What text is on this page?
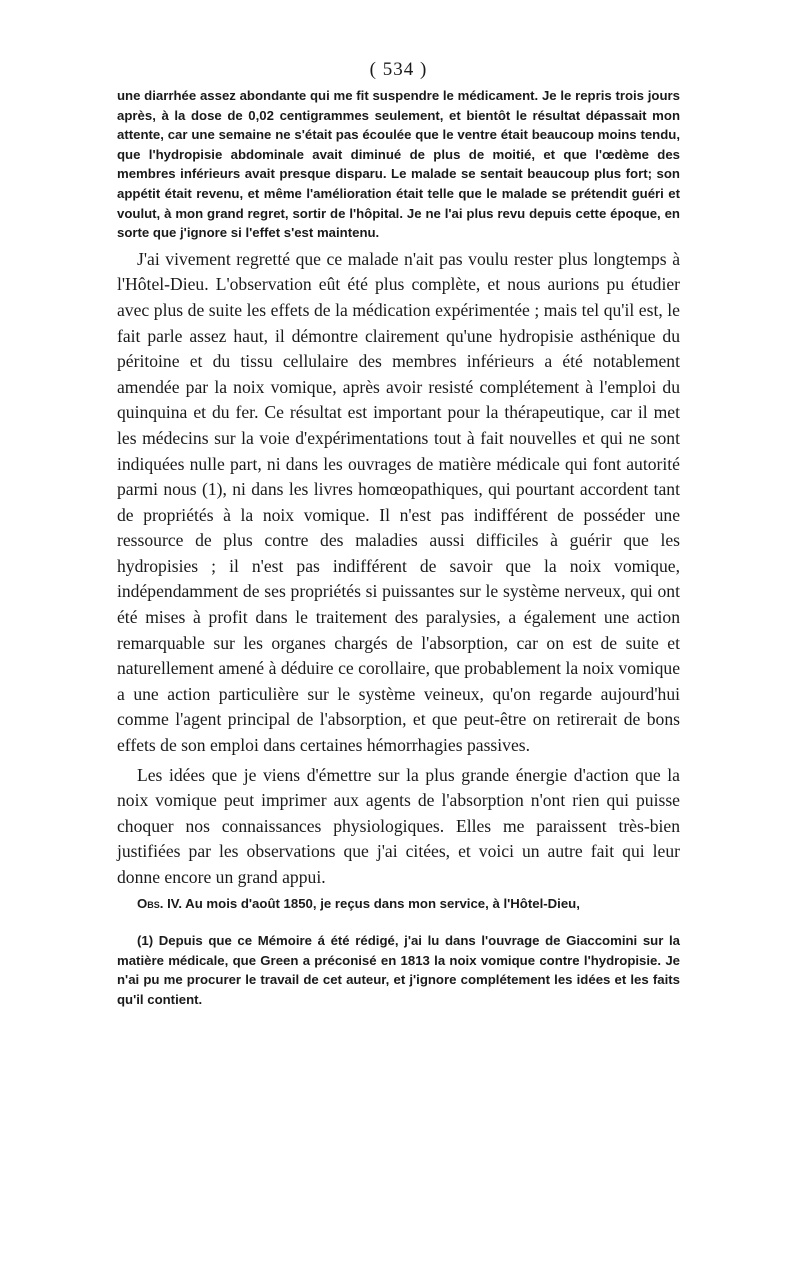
( 534 )

une diarrhée assez abondante qui me fit suspendre le médicament. Je le repris trois jours après, à la dose de 0,02 centigrammes seulement, et bientôt le résultat dépassait mon attente, car une semaine ne s'était pas écoulée que le ventre était beaucoup moins tendu, que l'hydropisie abdominale avait diminué de plus de moitié, et que l'œdème des membres inférieurs avait presque disparu. Le malade se sentait beaucoup plus fort; son appétit était revenu, et même l'amélioration était telle que le malade se prétendit guéri et voulut, à mon grand regret, sortir de l'hôpital. Je ne l'ai plus revu depuis cette époque, en sorte que j'ignore si l'effet s'est maintenu.

J'ai vivement regretté que ce malade n'ait pas voulu rester plus longtemps à l'Hôtel-Dieu. L'observation eût été plus complète, et nous aurions pu étudier avec plus de suite les effets de la médication expérimentée ; mais tel qu'il est, le fait parle assez haut, il démontre clairement qu'une hydropisie asthénique du péritoine et du tissu cellulaire des membres inférieurs a été notablement amendée par la noix vomique, après avoir resisté complétement à l'emploi du quinquina et du fer. Ce résultat est important pour la thérapeutique, car il met les médecins sur la voie d'expérimentations tout à fait nouvelles et qui ne sont indiquées nulle part, ni dans les ouvrages de matière médicale qui font autorité parmi nous (1), ni dans les livres homœopathiques, qui pourtant accordent tant de propriétés à la noix vomique. Il n'est pas indifférent de posséder une ressource de plus contre des maladies aussi difficiles à guérir que les hydropisies ; il n'est pas indifférent de savoir que la noix vomique, indépendamment de ses propriétés si puissantes sur le système nerveux, qui ont été mises à profit dans le traitement des paralysies, a également une action remarquable sur les organes chargés de l'absorption, car on est de suite et naturellement amené à déduire ce corollaire, que probablement la noix vomique a une action particulière sur le système veineux, qu'on regarde aujourd'hui comme l'agent principal de l'absorption, et que peut-être on retirerait de bons effets de son emploi dans certaines hémorrhagies passives.

Les idées que je viens d'émettre sur la plus grande énergie d'action que la noix vomique peut imprimer aux agents de l'absorption n'ont rien qui puisse choquer nos connaissances physiologiques. Elles me paraissent très-bien justifiées par les observations que j'ai citées, et voici un autre fait qui leur donne encore un grand appui.

Obs. IV. Au mois d'août 1850, je reçus dans mon service, à l'Hôtel-Dieu,

(1) Depuis que ce Mémoire á été rédigé, j'ai lu dans l'ouvrage de Giaccomini sur la matière médicale, que Green a préconisé en 1813 la noix vomique contre l'hydropisie. Je n'ai pu me procurer le travail de cet auteur, et j'ignore complétement les idées et les faits qu'il contient.
